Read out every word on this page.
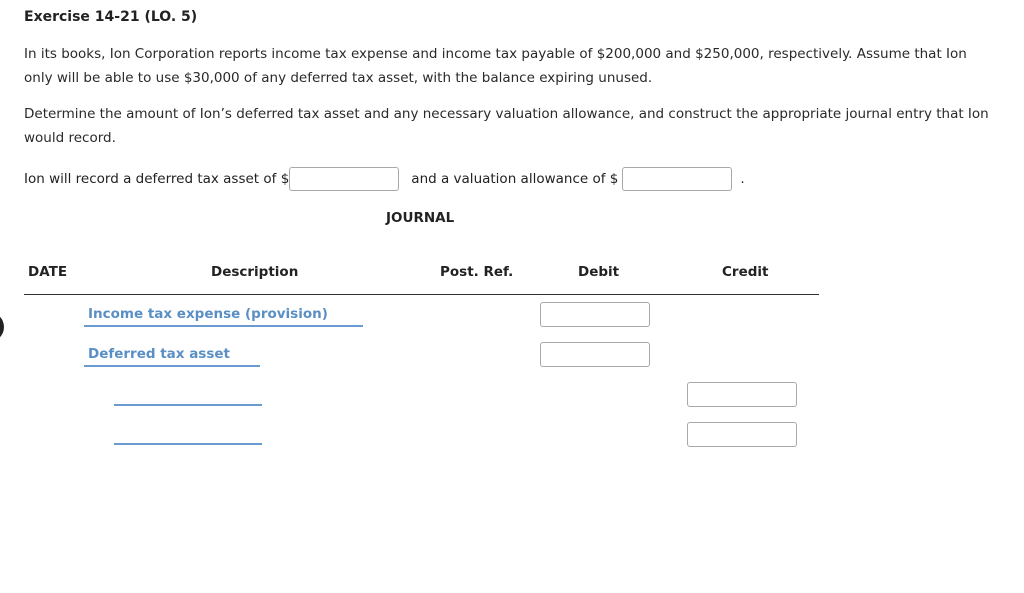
Exercise 14-21 (LO. 5)

In its books, Ion Corporation reports income tax expense and income tax payable of $200,000 and $250,000, respectively. Assume that Ion only will be able to use $30,000 of any deferred tax asset, with the balance expiring unused.

Determine the amount of Ion’s deferred tax asset and any necessary valuation allowance, and construct the appropriate journal entry that Ion would record.

Ion will record a deferred tax asset of $	and a valuation allowance of $	.
JOURNAL
DATE	Description	Post. Ref.	Debit	Credit
Income tax expense (provision)
Deferred tax asset
